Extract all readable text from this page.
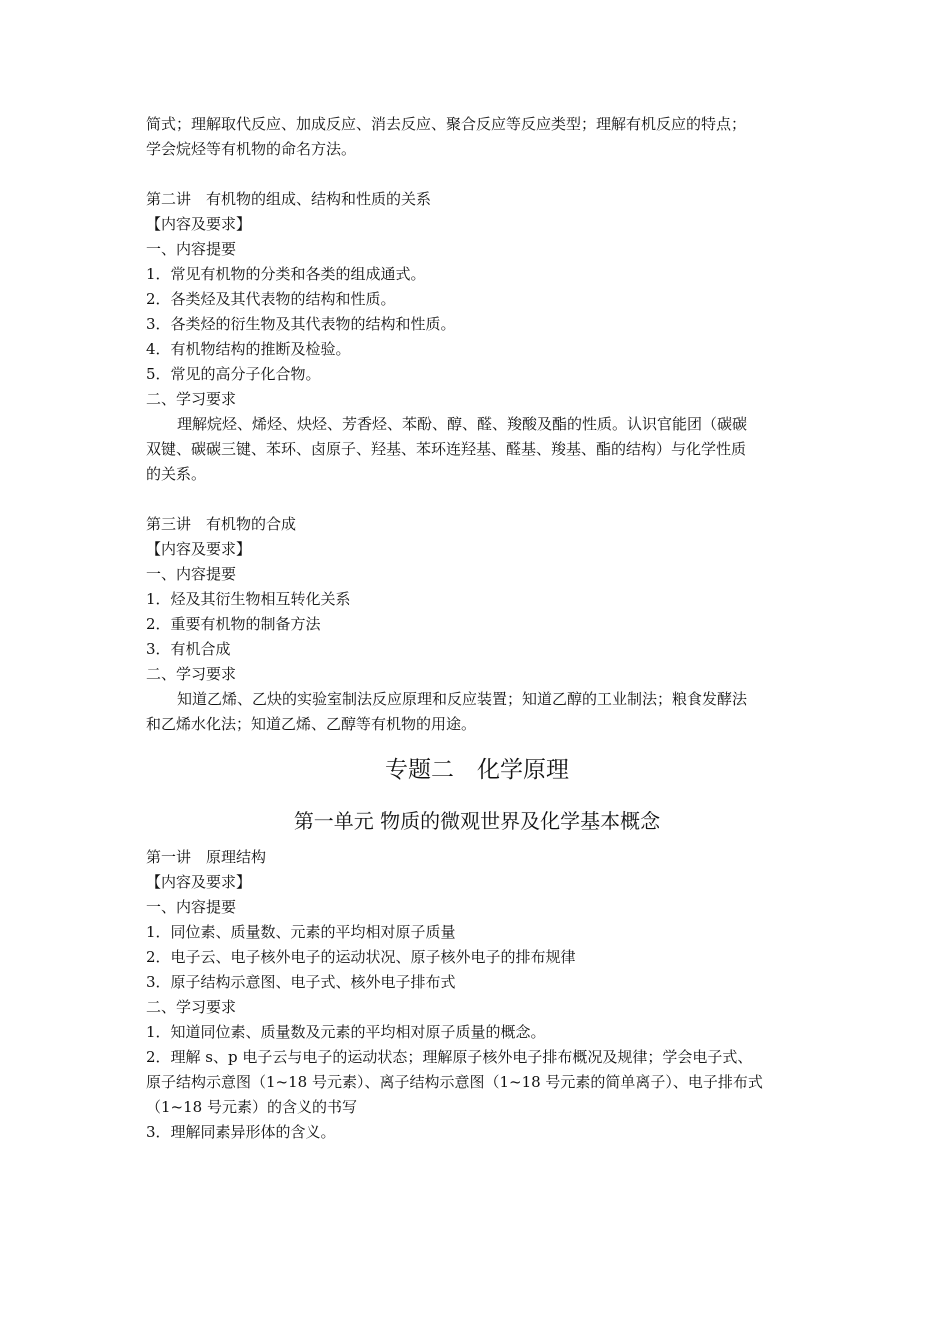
简式；理解取代反应、加成反应、消去反应、聚合反应等反应类型；理解有机反应的特点；
学会烷烃等有机物的命名方法。
第二讲　有机物的组成、结构和性质的关系
【内容及要求】
一、内容提要
1．常见有机物的分类和各类的组成通式。
2．各类烃及其代表物的结构和性质。
3．各类烃的衍生物及其代表物的结构和性质。
4．有机物结构的推断及检验。
5．常见的高分子化合物。
二、学习要求
理解烷烃、烯烃、炔烃、芳香烃、苯酚、醇、醛、羧酸及酯的性质。认识官能团（碳碳
双键、碳碳三键、苯环、卤原子、羟基、苯环连羟基、醛基、羧基、酯的结构）与化学性质
的关系。
第三讲　有机物的合成
【内容及要求】
一、内容提要
1．烃及其衍生物相互转化关系
2．重要有机物的制备方法
3．有机合成
二、学习要求
知道乙烯、乙炔的实验室制法反应原理和反应装置；知道乙醇的工业制法；粮食发酵法
和乙烯水化法；知道乙烯、乙醇等有机物的用途。
专题二　化学原理
第一单元 物质的微观世界及化学基本概念
第一讲　原理结构
【内容及要求】
一、内容提要
1．同位素、质量数、元素的平均相对原子质量
2．电子云、电子核外电子的运动状况、原子核外电子的排布规律
3．原子结构示意图、电子式、核外电子排布式
二、学习要求
1．知道同位素、质量数及元素的平均相对原子质量的概念。
2．理解 s、p 电子云与电子的运动状态；理解原子核外电子排布概况及规律；学会电子式、
原子结构示意图（1~18 号元素）、离子结构示意图（1~18 号元素的简单离子）、电子排布式
（1~18 号元素）的含义的书写
3．理解同素异形体的含义。
